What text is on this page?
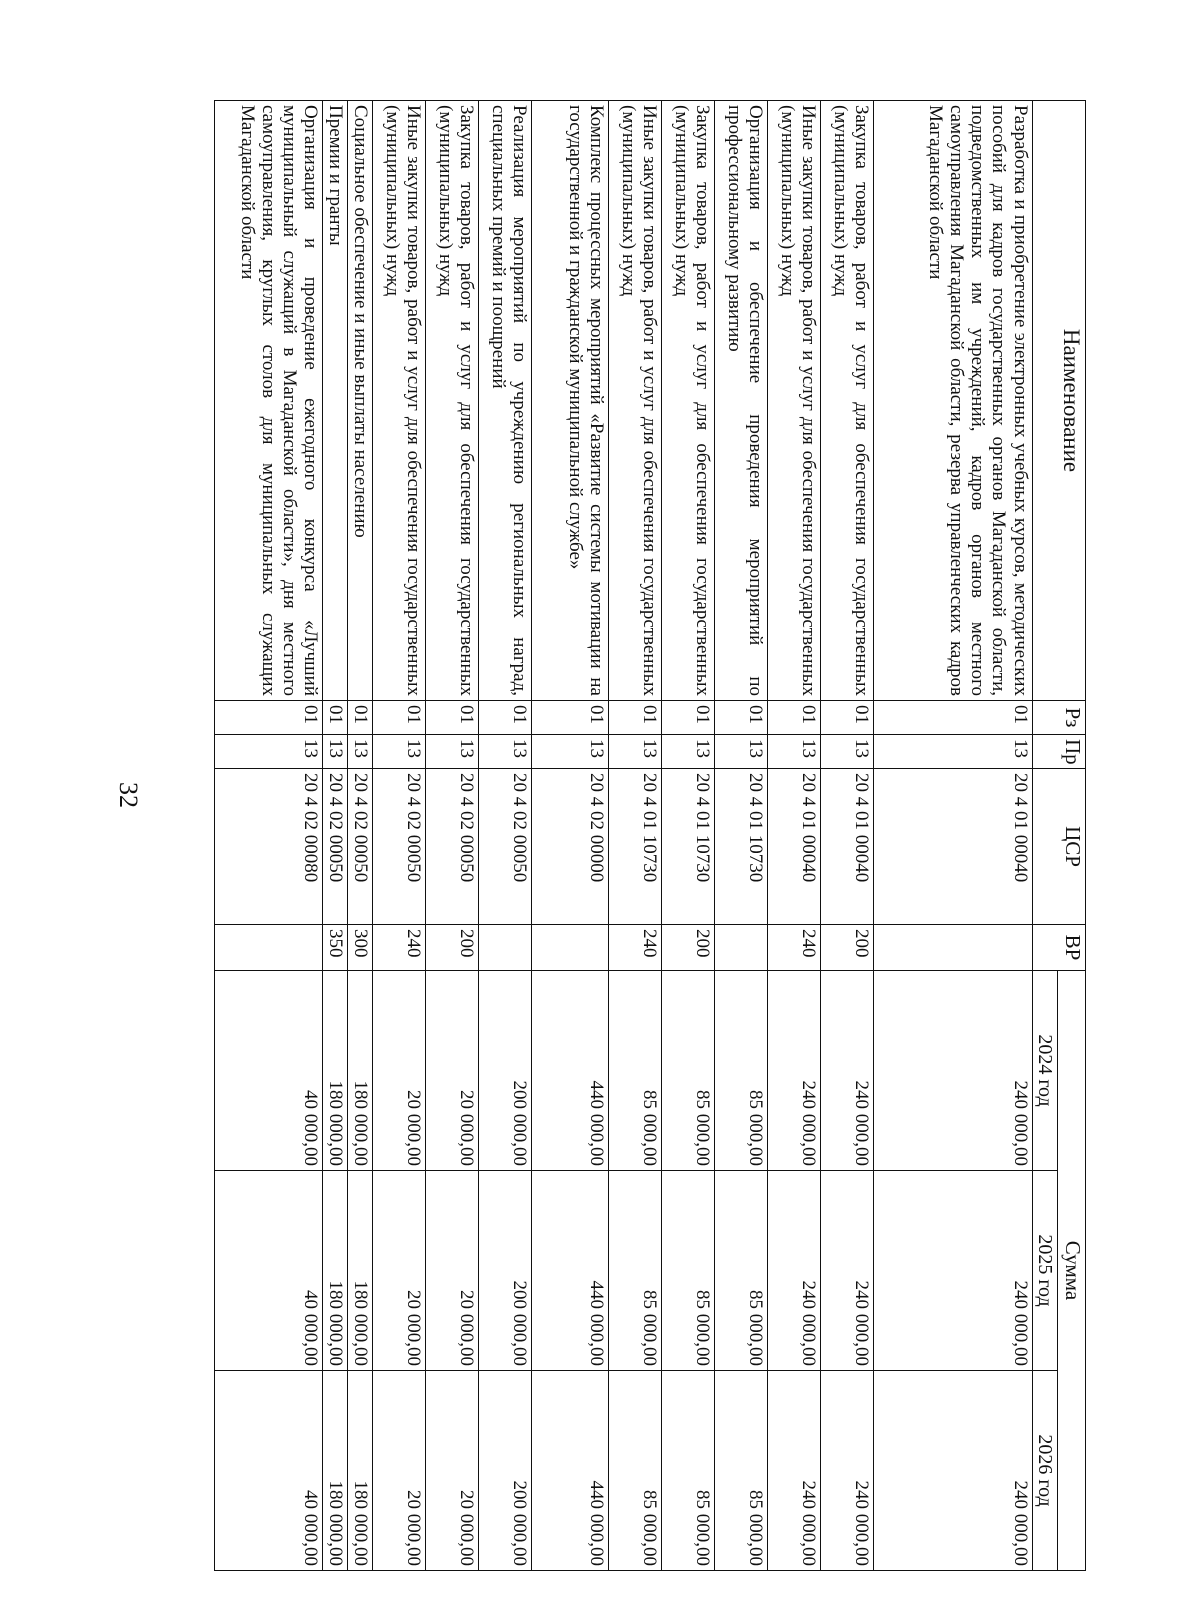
32
Наименование	Рз	Пр	ЦСР	ВР	Сумма		
					2024 год	2025 год	2026 год
Разработка и приобретение электронных учебных курсов, методических пособий для кадров государственных органов Магаданской области, подведомственных им учреждений, кадров органов местного самоуправления Магаданской области, резерва управленческих кадров Магаданской области	01	13	20 4 01 00040		240 000,00	240 000,00	240 000,00
Закупка товаров, работ и услуг для обеспечения государственных (муниципальных) нужд	01	13	20 4 01 00040	200	240 000,00	240 000,00	240 000,00
Иные закупки товаров, работ и услуг для обеспечения государственных (муниципальных) нужд	01	13	20 4 01 00040	240	240 000,00	240 000,00	240 000,00
Организация и обеспечение проведения мероприятий по профессиональному развитию	01	13	20 4 01 10730		85 000,00	85 000,00	85 000,00
Закупка товаров, работ и услуг для обеспечения государственных (муниципальных) нужд	01	13	20 4 01 10730	200	85 000,00	85 000,00	85 000,00
Иные закупки товаров, работ и услуг для обеспечения государственных (муниципальных) нужд	01	13	20 4 01 10730	240	85 000,00	85 000,00	85 000,00
Комплекс процессных мероприятий «Развитие системы мотивации на государственной и гражданской муниципальной службе»	01	13	20 4 02 00000		440 000,00	440 000,00	440 000,00
Реализация мероприятий по учреждению региональных наград, специальных премий и поощрений	01	13	20 4 02 00050		200 000,00	200 000,00	200 000,00
Закупка товаров, работ и услуг для обеспечения государственных (муниципальных) нужд	01	13	20 4 02 00050	200	20 000,00	20 000,00	20 000,00
Иные закупки товаров, работ и услуг для обеспечения государственных (муниципальных) нужд	01	13	20 4 02 00050	240	20 000,00	20 000,00	20 000,00
Социальное обеспечение и иные выплаты населению	01	13	20 4 02 00050	300	180 000,00	180 000,00	180 000,00
Премии и гранты	01	13	20 4 02 00050	350	180 000,00	180 000,00	180 000,00
Организация и проведение ежегодного конкурса «Лучший муниципальный служащий в Магаданской области», дня местного самоуправления, круглых столов для муниципальных служащих Магаданской области	01	13	20 4 02 00080		40 000,00	40 000,00	40 000,00
